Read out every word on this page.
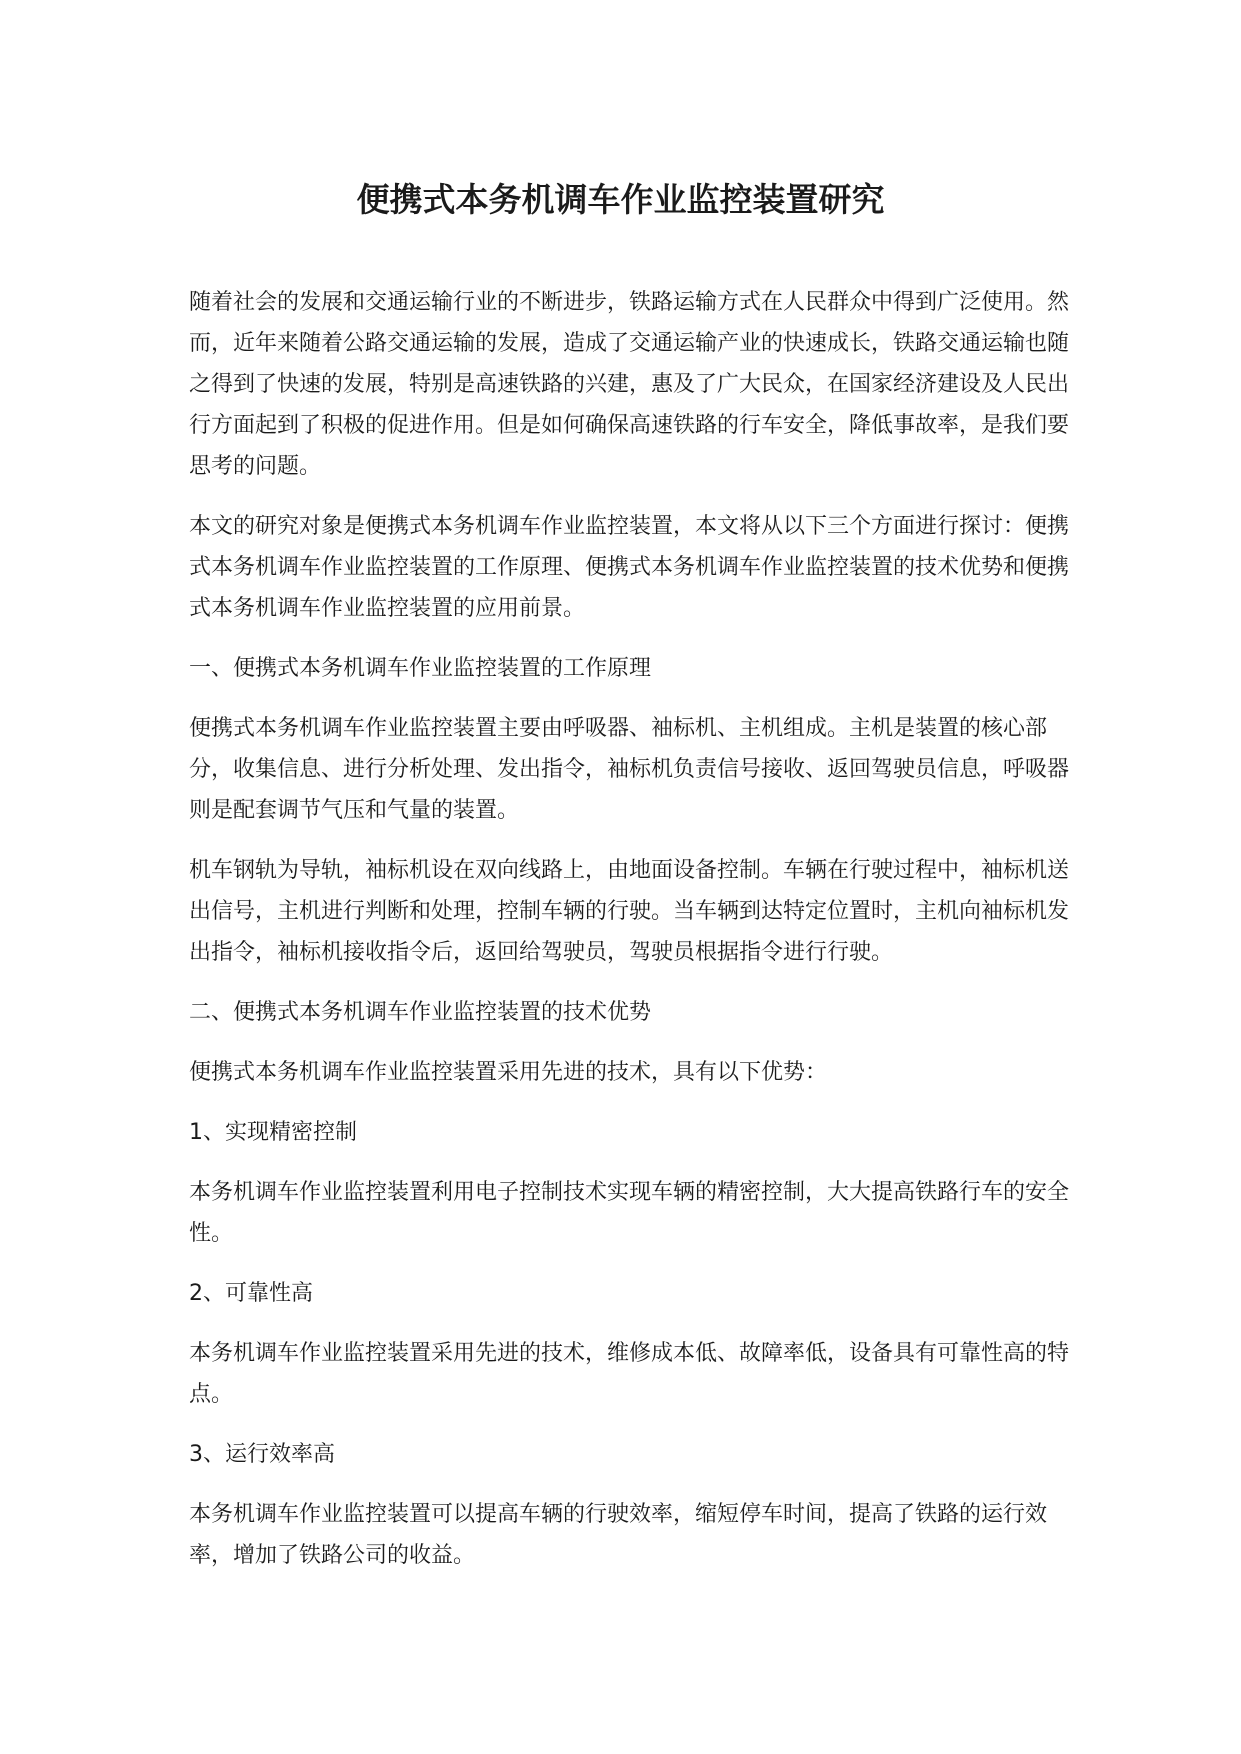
便携式本务机调车作业监控装置研究

随着社会的发展和交通运输行业的不断进步，铁路运输方式在人民群众中得到广泛使用。然而，近年来随着公路交通运输的发展，造成了交通运输产业的快速成长，铁路交通运输也随之得到了快速的发展，特别是高速铁路的兴建，惠及了广大民众，在国家经济建设及人民出行方面起到了积极的促进作用。但是如何确保高速铁路的行车安全，降低事故率，是我们要思考的问题。

本文的研究对象是便携式本务机调车作业监控装置，本文将从以下三个方面进行探讨：便携式本务机调车作业监控装置的工作原理、便携式本务机调车作业监控装置的技术优势和便携式本务机调车作业监控装置的应用前景。

一、便携式本务机调车作业监控装置的工作原理

便携式本务机调车作业监控装置主要由呼吸器、袖标机、主机组成。主机是装置的核心部分，收集信息、进行分析处理、发出指令，袖标机负责信号接收、返回驾驶员信息，呼吸器则是配套调节气压和气量的装置。

机车钢轨为导轨，袖标机设在双向线路上，由地面设备控制。车辆在行驶过程中，袖标机送出信号，主机进行判断和处理，控制车辆的行驶。当车辆到达特定位置时，主机向袖标机发出指令，袖标机接收指令后，返回给驾驶员，驾驶员根据指令进行行驶。

二、便携式本务机调车作业监控装置的技术优势

便携式本务机调车作业监控装置采用先进的技术，具有以下优势：

1、实现精密控制

本务机调车作业监控装置利用电子控制技术实现车辆的精密控制，大大提高铁路行车的安全性。

2、可靠性高

本务机调车作业监控装置采用先进的技术，维修成本低、故障率低，设备具有可靠性高的特点。

3、运行效率高

本务机调车作业监控装置可以提高车辆的行驶效率，缩短停车时间，提高了铁路的运行效率，增加了铁路公司的收益。
